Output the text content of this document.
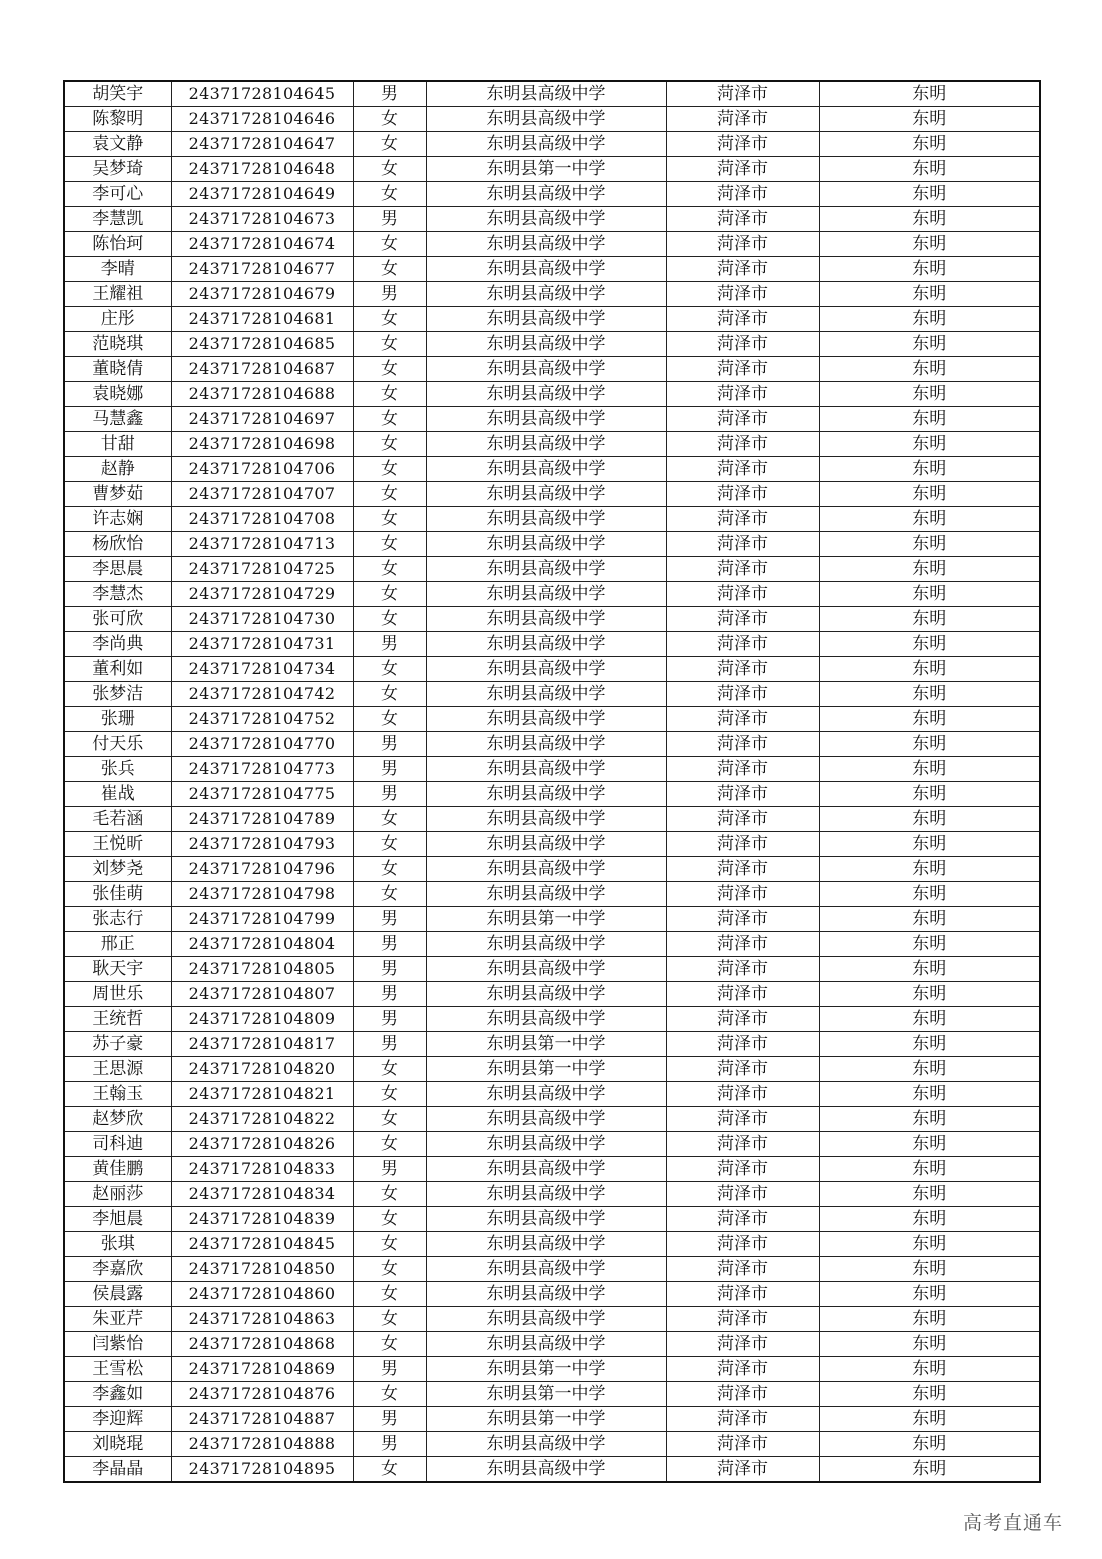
胡笑宇	24371728104645	男	东明县高级中学	菏泽市	东明
陈黎明	24371728104646	女	东明县高级中学	菏泽市	东明
袁文静	24371728104647	女	东明县高级中学	菏泽市	东明
吴梦琦	24371728104648	女	东明县第一中学	菏泽市	东明
李可心	24371728104649	女	东明县高级中学	菏泽市	东明
李慧凯	24371728104673	男	东明县高级中学	菏泽市	东明
陈怡珂	24371728104674	女	东明县高级中学	菏泽市	东明
李晴	24371728104677	女	东明县高级中学	菏泽市	东明
王耀祖	24371728104679	男	东明县高级中学	菏泽市	东明
庄彤	24371728104681	女	东明县高级中学	菏泽市	东明
范晓琪	24371728104685	女	东明县高级中学	菏泽市	东明
董晓倩	24371728104687	女	东明县高级中学	菏泽市	东明
袁晓娜	24371728104688	女	东明县高级中学	菏泽市	东明
马慧鑫	24371728104697	女	东明县高级中学	菏泽市	东明
甘甜	24371728104698	女	东明县高级中学	菏泽市	东明
赵静	24371728104706	女	东明县高级中学	菏泽市	东明
曹梦茹	24371728104707	女	东明县高级中学	菏泽市	东明
许志娴	24371728104708	女	东明县高级中学	菏泽市	东明
杨欣怡	24371728104713	女	东明县高级中学	菏泽市	东明
李思晨	24371728104725	女	东明县高级中学	菏泽市	东明
李慧杰	24371728104729	女	东明县高级中学	菏泽市	东明
张可欣	24371728104730	女	东明县高级中学	菏泽市	东明
李尚典	24371728104731	男	东明县高级中学	菏泽市	东明
董利如	24371728104734	女	东明县高级中学	菏泽市	东明
张梦洁	24371728104742	女	东明县高级中学	菏泽市	东明
张珊	24371728104752	女	东明县高级中学	菏泽市	东明
付天乐	24371728104770	男	东明县高级中学	菏泽市	东明
张兵	24371728104773	男	东明县高级中学	菏泽市	东明
崔战	24371728104775	男	东明县高级中学	菏泽市	东明
毛若涵	24371728104789	女	东明县高级中学	菏泽市	东明
王悦昕	24371728104793	女	东明县高级中学	菏泽市	东明
刘梦尧	24371728104796	女	东明县高级中学	菏泽市	东明
张佳萌	24371728104798	女	东明县高级中学	菏泽市	东明
张志行	24371728104799	男	东明县第一中学	菏泽市	东明
邢正	24371728104804	男	东明县高级中学	菏泽市	东明
耿天宇	24371728104805	男	东明县高级中学	菏泽市	东明
周世乐	24371728104807	男	东明县高级中学	菏泽市	东明
王统哲	24371728104809	男	东明县高级中学	菏泽市	东明
苏子豪	24371728104817	男	东明县第一中学	菏泽市	东明
王思源	24371728104820	女	东明县第一中学	菏泽市	东明
王翰玉	24371728104821	女	东明县高级中学	菏泽市	东明
赵梦欣	24371728104822	女	东明县高级中学	菏泽市	东明
司科迪	24371728104826	女	东明县高级中学	菏泽市	东明
黄佳鹏	24371728104833	男	东明县高级中学	菏泽市	东明
赵丽莎	24371728104834	女	东明县高级中学	菏泽市	东明
李旭晨	24371728104839	女	东明县高级中学	菏泽市	东明
张琪	24371728104845	女	东明县高级中学	菏泽市	东明
李嘉欣	24371728104850	女	东明县高级中学	菏泽市	东明
侯晨露	24371728104860	女	东明县高级中学	菏泽市	东明
朱亚芹	24371728104863	女	东明县高级中学	菏泽市	东明
闫紫怡	24371728104868	女	东明县高级中学	菏泽市	东明
王雪松	24371728104869	男	东明县第一中学	菏泽市	东明
李鑫如	24371728104876	女	东明县第一中学	菏泽市	东明
李迎辉	24371728104887	男	东明县第一中学	菏泽市	东明
刘晓琨	24371728104888	男	东明县高级中学	菏泽市	东明
李晶晶	24371728104895	女	东明县高级中学	菏泽市	东明
高考直通车
